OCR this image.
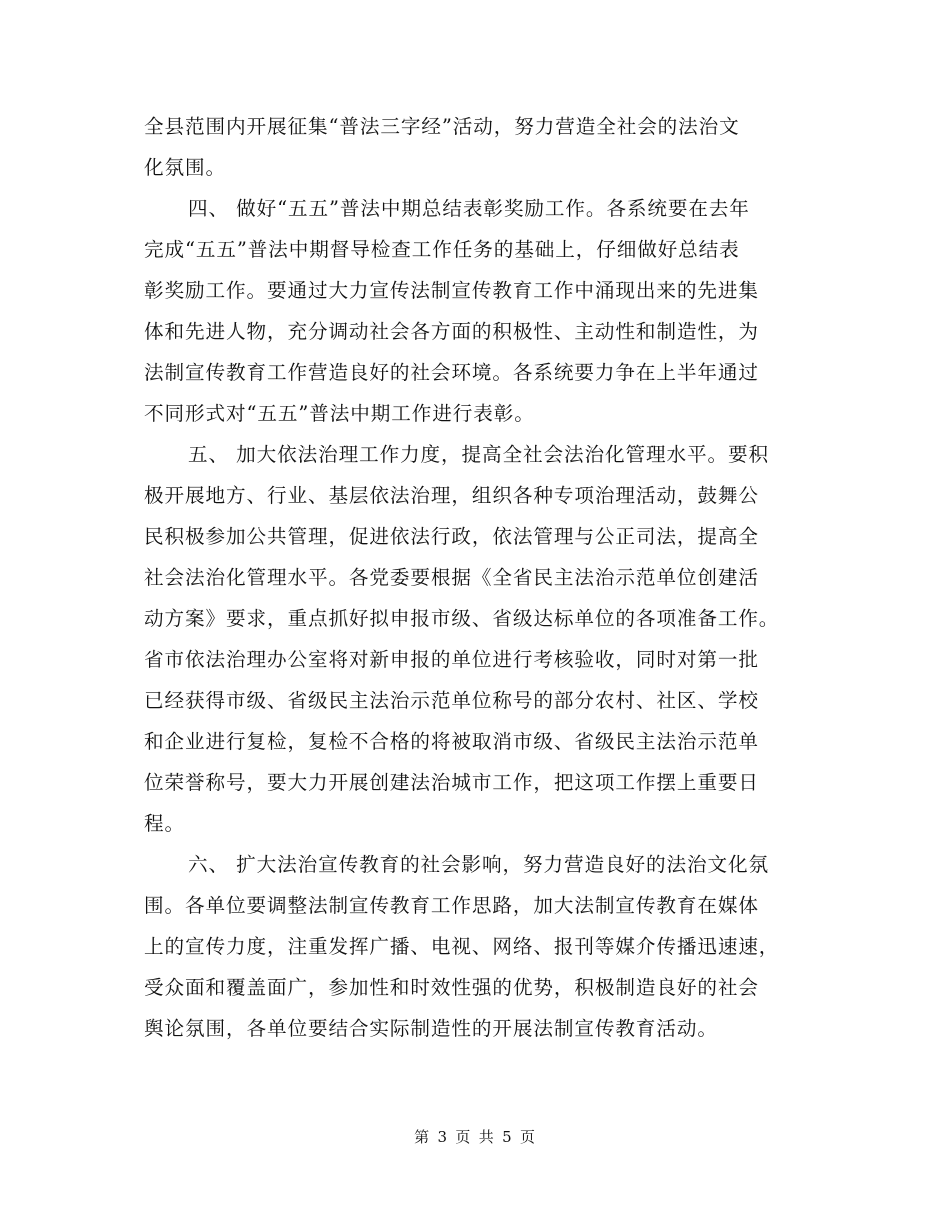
全县范围内开展征集“普法三字经”活动，努力营造全社会的法治文
化氛围。
四、 做好“五五”普法中期总结表彰奖励工作。各系统要在去年
完成“五五”普法中期督导检查工作任务的基础上，仔细做好总结表
彰奖励工作。要通过大力宣传法制宣传教育工作中涌现出来的先进集
体和先进人物，充分调动社会各方面的积极性、主动性和制造性，为
法制宣传教育工作营造良好的社会环境。各系统要力争在上半年通过
不同形式对“五五”普法中期工作进行表彰。
五、 加大依法治理工作力度，提高全社会法治化管理水平。要积
极开展地方、行业、基层依法治理，组织各种专项治理活动，鼓舞公
民积极参加公共管理，促进依法行政，依法管理与公正司法，提高全
社会法治化管理水平。各党委要根据《全省民主法治示范单位创建活
动方案》要求，重点抓好拟申报市级、省级达标单位的各项准备工作。
省市依法治理办公室将对新申报的单位进行考核验收，同时对第一批
已经获得市级、省级民主法治示范单位称号的部分农村、社区、学校
和企业进行复检，复检不合格的将被取消市级、省级民主法治示范单
位荣誉称号，要大力开展创建法治城市工作，把这项工作摆上重要日
程。
六、 扩大法治宣传教育的社会影响，努力营造良好的法治文化氛
围。各单位要调整法制宣传教育工作思路，加大法制宣传教育在媒体
上的宣传力度，注重发挥广播、电视、网络、报刊等媒介传播迅速速，
受众面和覆盖面广，参加性和时效性强的优势，积极制造良好的社会
舆论氛围，各单位要结合实际制造性的开展法制宣传教育活动。
第 3 页 共 5 页
